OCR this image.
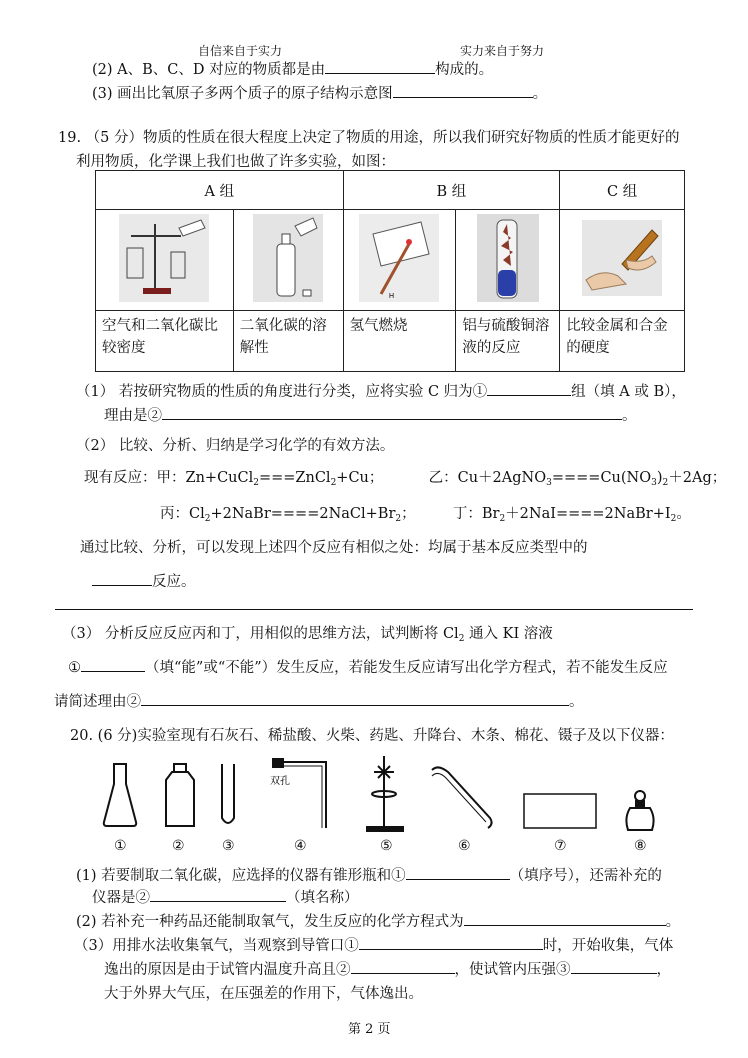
自信来自于实力	实力来自于努力
(2) A、B、C、D 对应的物质都是由	构成的。
(3) 画出比氧原子多两个质子的原子结构示意图	。
19. （5 分）物质的性质在很大程度上决定了物质的用途，所以我们研究好物质的性质才能更好的
利用物质，化学课上我们也做了许多实验，如图：
A 组		B 组		C 组

H

空气和二氧化碳比较密度	二氧化碳的溶解性	氢气燃烧	铝与硫酸铜溶液的反应	比较金属和合金的硬度
（1） 若按研究物质的性质的角度进行分类，应将实验 C 归为①	组（填 A 或 B），
理由是②	。
（2） 比较、分析、归纳是学习化学的有效方法。
现有反应：甲：Zn+CuCl$_2$===ZnCl$_2$+Cu；	乙：$Cu+2AgNO_3====Cu(NO_3)_2+2Ag$；
丙：$Cl_2+2NaBr====2NaCl+Br_2$；	丁：$Br_2+2NaI====2NaBr+I_2$。
通过比较、分析，可以发现上述四个反应有相似之处：均属于基本反应类型中的
反应。
（3） 分析反应反应丙和丁，用相似的思维方法，试判断将 $Cl_2$ 通入 KI 溶液
①	（填“能”或“不能”）发生反应，若能发生反应请写出化学方程式，若不能发生反应
请简述理由②	。
20. (6 分)实验室现有石灰石、稀盐酸、火柴、药匙、升降台、木条、棉花、镊子及以下仪器：
双孔
①	②	③	④	⑤	⑥	⑦	⑧
(1) 若要制取二氧化碳，应选择的仪器有锥形瓶和①	（填序号），还需补充的
仪器是②	（填名称）
(2) 若补充一种药品还能制取氧气，发生反应的化学方程式为	。
（3）用排水法收集氧气，当观察到导管口①	时，开始收集，气体
逸出的原因是由于试管内温度升高且②	，使试管内压强③	，
大于外界大气压，在压强差的作用下，气体逸出。
第 2 页
